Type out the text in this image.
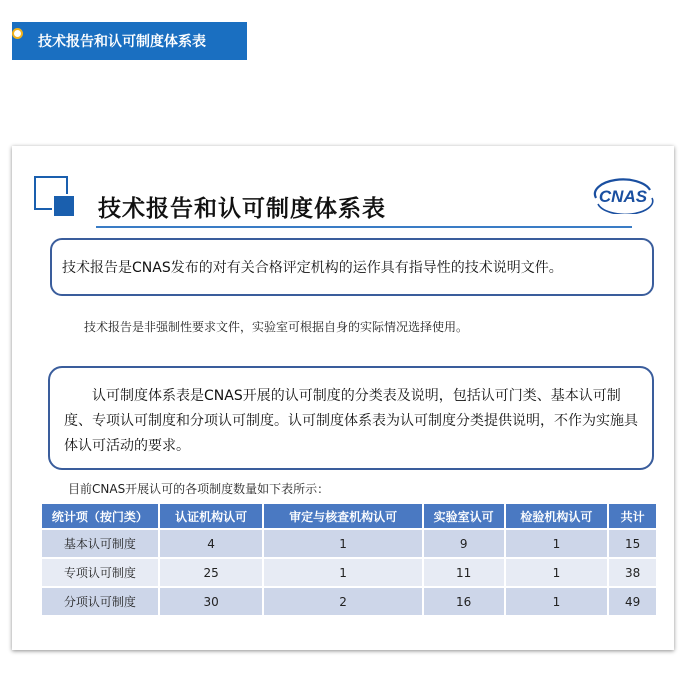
技术报告和认可制度体系表
技术报告和认可制度体系表	CNAS
技术报告是CNAS发布的对有关合格评定机构的运作具有指导性的技术说明文件。
技术报告是非强制性要求文件，实验室可根据自身的实际情况选择使用。
认可制度体系表是CNAS开展的认可制度的分类表及说明，包括认可门类、基本认可制度、专项认可制度和分项认可制度。认可制度体系表为认可制度分类提供说明，不作为实施具体认可活动的要求。
目前CNAS开展认可的各项制度数量如下表所示：
统计项（按门类）	认证机构认可	审定与核查机构认可	实验室认可	检验机构认可	共计
基本认可制度	4	1	9	1	15
专项认可制度	25	1	11	1	38
分项认可制度	30	2	16	1	49
